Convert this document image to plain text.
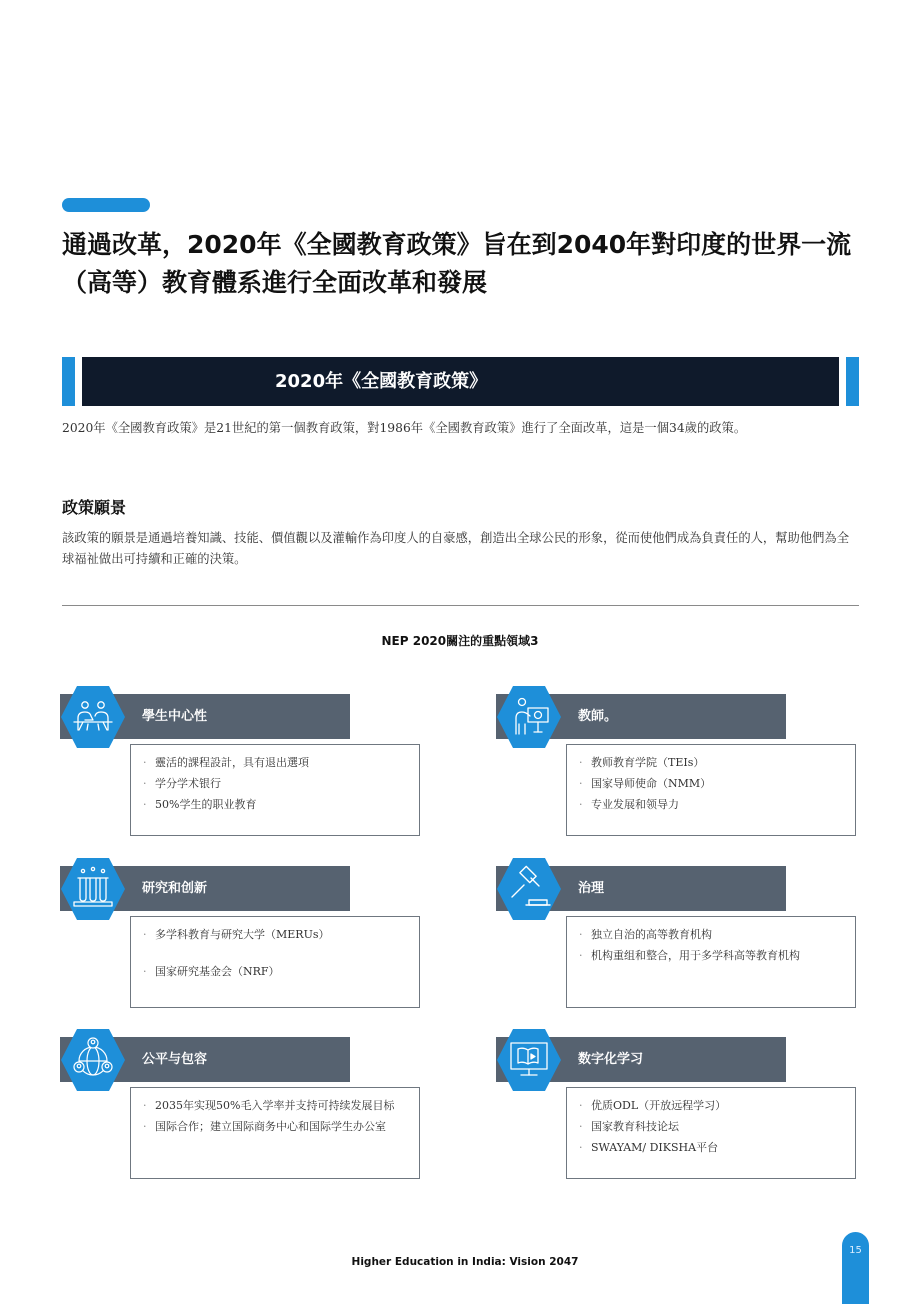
通過改革，2020年《全國教育政策》旨在到2040年對印度的世界一流（高等）教育體系進行全面改革和發展
2020年《全國教育政策》

2020年《全國教育政策》是21世紀的第一個教育政策，對1986年《全國教育政策》進行了全面改革，這是一個34歲的政策。

政策願景

該政策的願景是通過培養知識、技能、價值觀以及灌輸作為印度人的自豪感，創造出全球公民的形象，從而使他們成為負責任的人，幫助他們為全球福祉做出可持續和正確的決策。

NEP 2020關注的重點領域3

學生中心性
· 靈活的課程設計，具有退出選項
· 学分学术银行
· 50%学生的职业教育
教師。
· 教师教育学院（TEIs）
· 国家导师使命（NMM）
· 专业发展和领导力
研究和创新
· 多学科教育与研究大学（MERUs）
· 国家研究基金会（NRF）
治理
· 独立自治的高等教育机构
· 机构重组和整合，用于多学科高等教育机构
公平与包容
· 2035年实现50%毛入学率并支持可持续发展目标
· 国际合作；建立国际商务中心和国际学生办公室
数字化学习
· 优质ODL（开放远程学习）
· 国家教育科技论坛
· SWAYAM/ DIKSHA平台

Higher Education in India: Vision 2047

15
